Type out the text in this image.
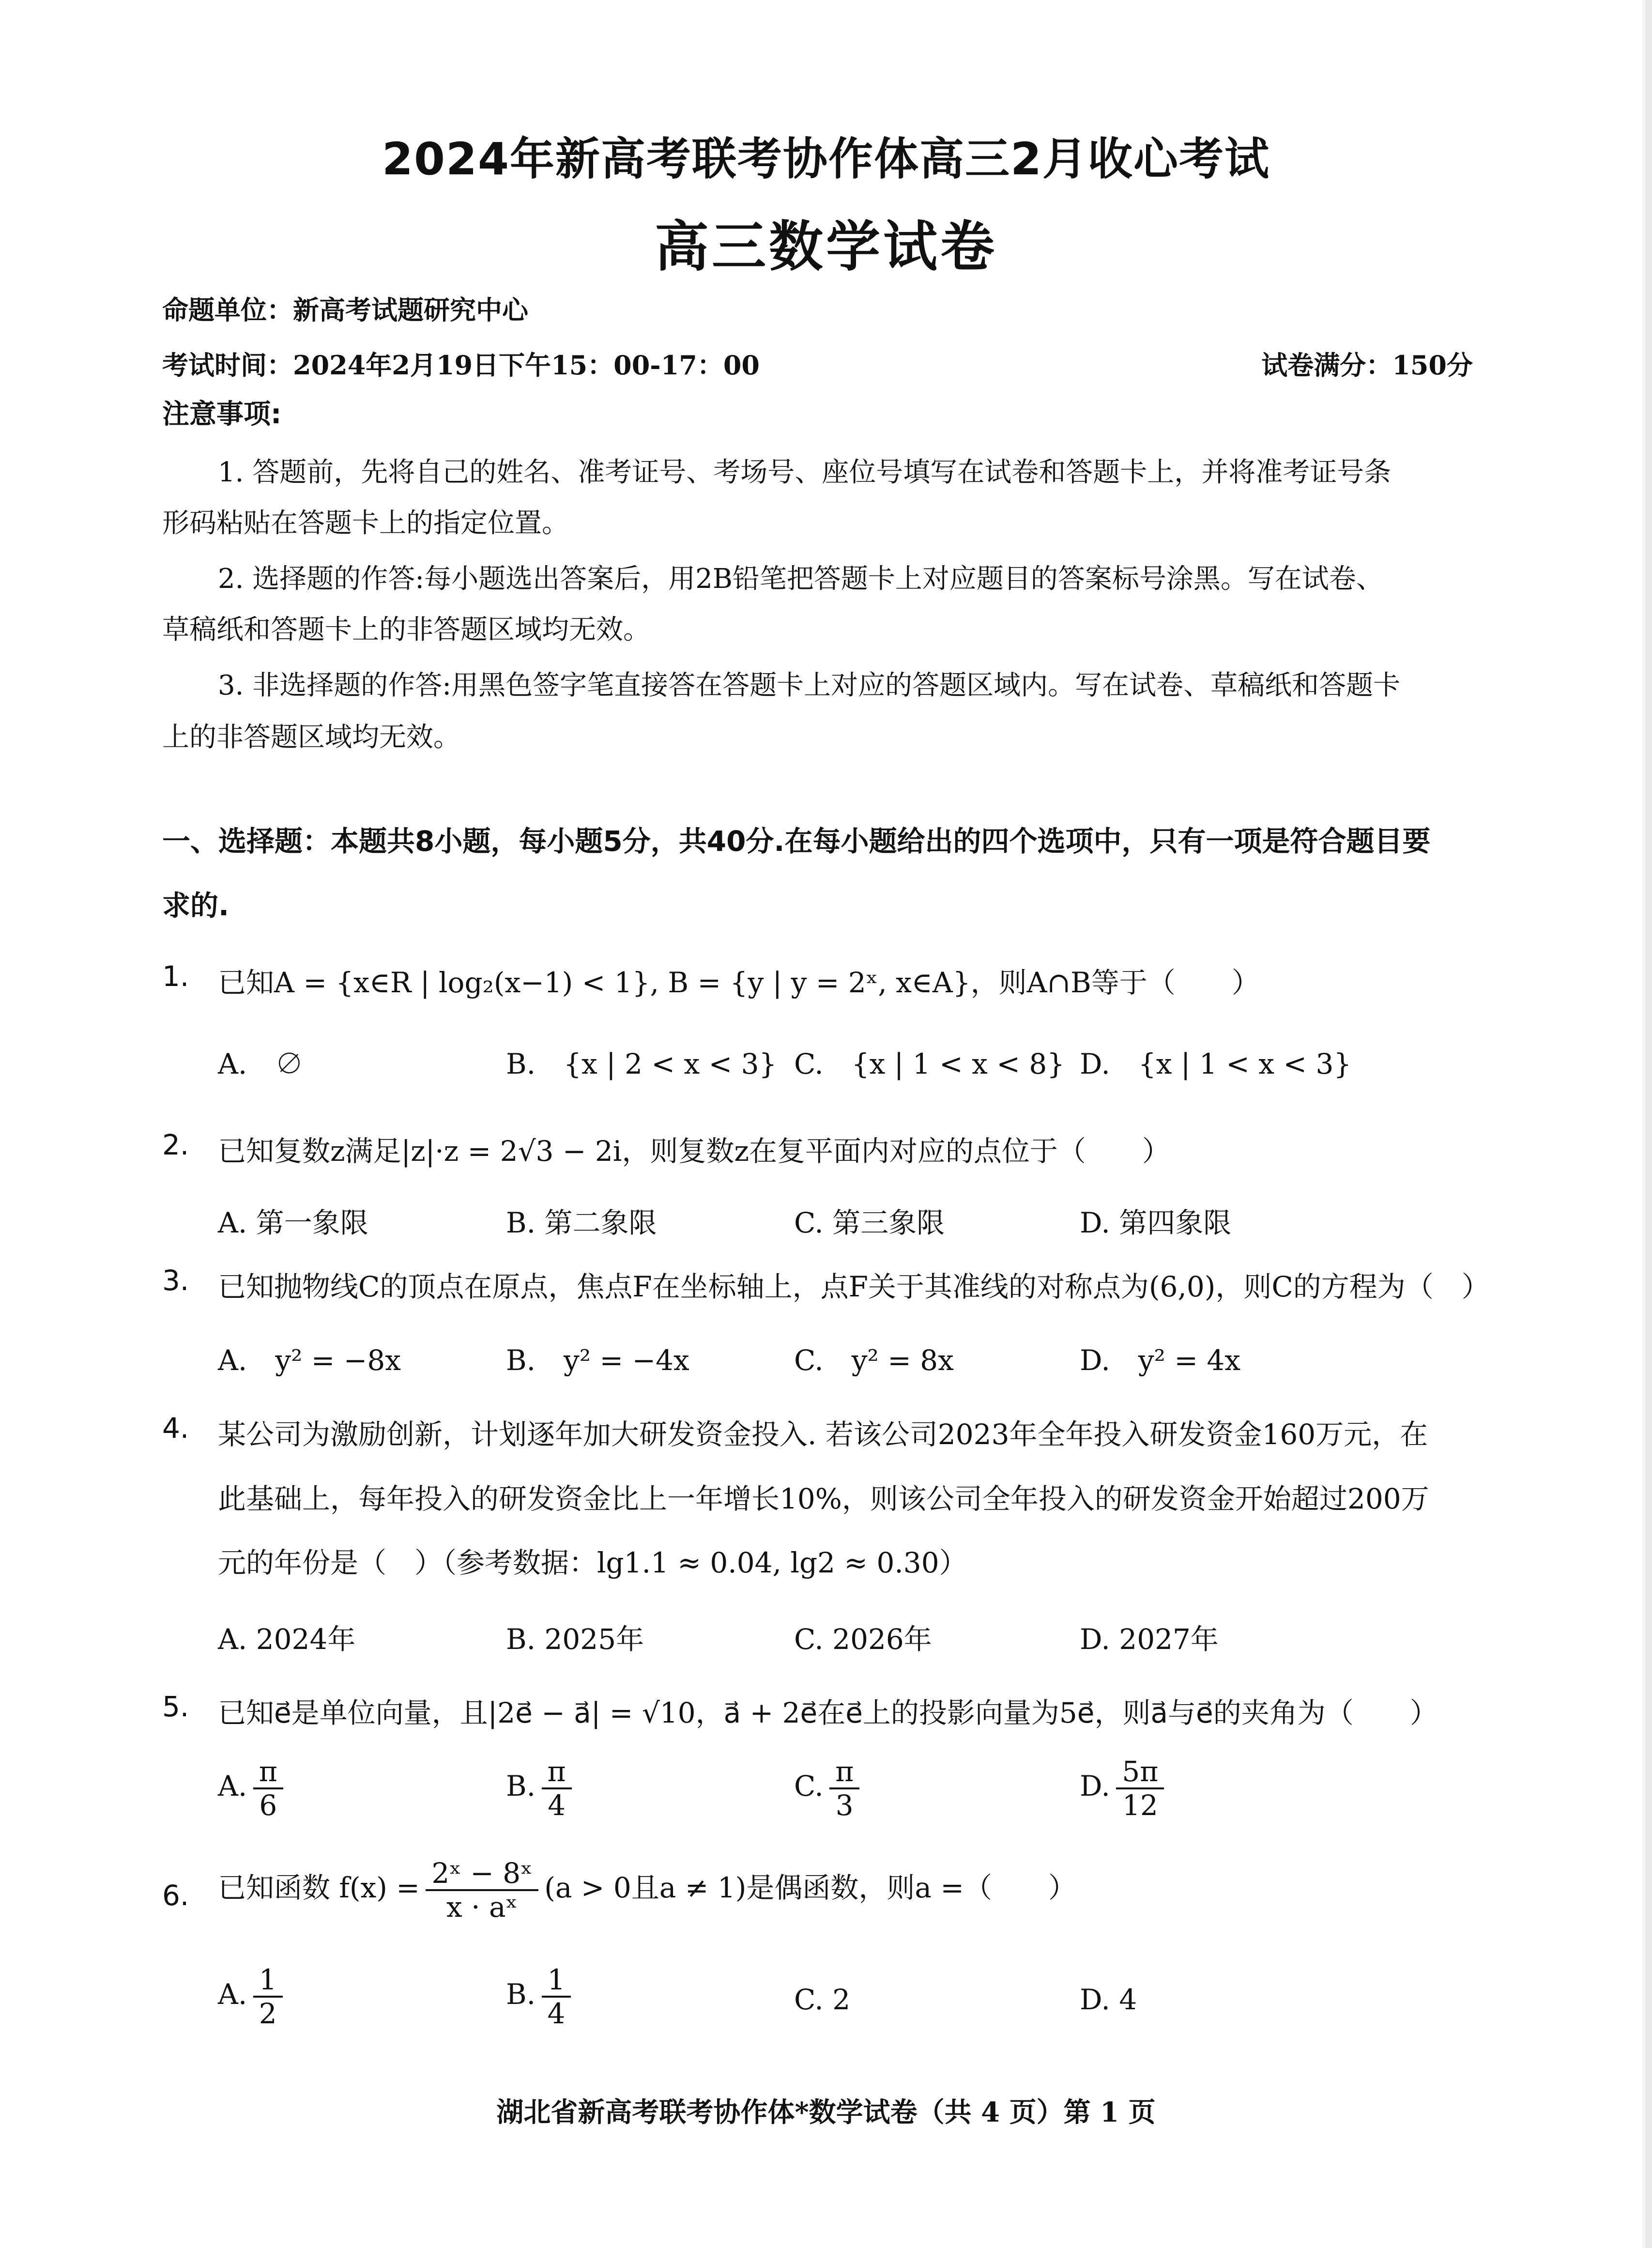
2024年新高考联考协作体高三2月收心考试
高三数学试卷
命题单位：新高考试题研究中心
考试时间：2024年2月19日下午15：00-17：00	试卷满分：150分
注意事项:
1. 答题前，先将自己的姓名、准考证号、考场号、座位号填写在试卷和答题卡上，并将准考证号条
形码粘贴在答题卡上的指定位置。
2. 选择题的作答:每小题选出答案后，用2B铅笔把答题卡上对应题目的答案标号涂黑。写在试卷、
草稿纸和答题卡上的非答题区域均无效。
3. 非选择题的作答:用黑色签字笔直接答在答题卡上对应的答题区域内。写在试卷、草稿纸和答题卡
上的非答题区域均无效。
一、选择题：本题共8小题，每小题5分，共40分.在每小题给出的四个选项中，只有一项是符合题目要
求的.
1. 已知A = {x∈R | log₂(x−1) < 1}, B = {y | y = 2ˣ, x∈A}，则A∩B等于（　　）
A.　∅	B.　{x | 2 < x < 3} C.　{x | 1 < x < 8} D.　{x | 1 < x < 3}
2. 已知复数z满足|z|·z = 2√3 − 2i，则复数z在复平面内对应的点位于（　　）
A. 第一象限	B. 第二象限	C. 第三象限	D. 第四象限
3. 已知抛物线C的顶点在原点，焦点F在坐标轴上，点F关于其准线的对称点为(6,0)，则C的方程为（　）
A.　y² = −8x	B.　y² = −4x	C.　y² = 8x	D.　y² = 4x
4. 某公司为激励创新，计划逐年加大研发资金投入. 若该公司2023年全年投入研发资金160万元，在
此基础上，每年投入的研发资金比上一年增长10%，则该公司全年投入的研发资金开始超过200万
元的年份是（　）（参考数据：lg1.1 ≈ 0.04, lg2 ≈ 0.30）
A. 2024年	B. 2025年	C. 2026年	D. 2027年
5. 已知e⃗是单位向量，且|2e⃗ − a⃗| = √10，a⃗ + 2e⃗在e⃗上的投影向量为5e⃗，则a⃗与e⃗的夹角为（　　）
A. $\frac{\pi}{6}$	B. $\frac{\pi}{4}$	C. $\frac{\pi}{3}$	D. $\frac{5\pi}{12}$
6. 已知函数 $f(x) = \frac{\text{2ˣ − 8ˣ}}{\text{x · aˣ}} (a > 0$且a ≠ 1)是偶函数，则a =（　　）
A. $\frac{1}{2}$	B. $\frac{1}{4}$	C. 2	D. 4
湖北省新高考联考协作体*数学试卷（共 4 页）第 1 页
